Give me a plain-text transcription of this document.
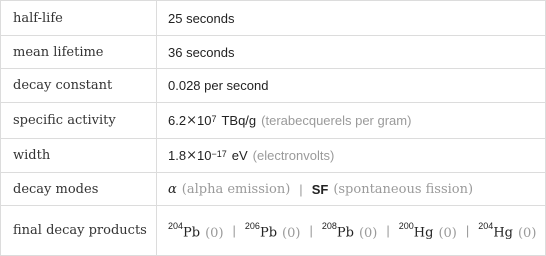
half-life	25 seconds
mean lifetime	36 seconds
decay constant	0.028 per second
specific activity	$6.2 \times 10^7$ TBq/g (terabecquerels per gram)
width	$1.8 \times 10^{-17}$ eV (electronvolts)
decay modes	α (alpha emission) | SF (spontaneous fission)
final decay products	$^{204}$Pb (0) | $^{206}$Pb (0) | $^{208}$Pb (0) | $^{200}$Hg (0) | $^{204}$Hg (0)
